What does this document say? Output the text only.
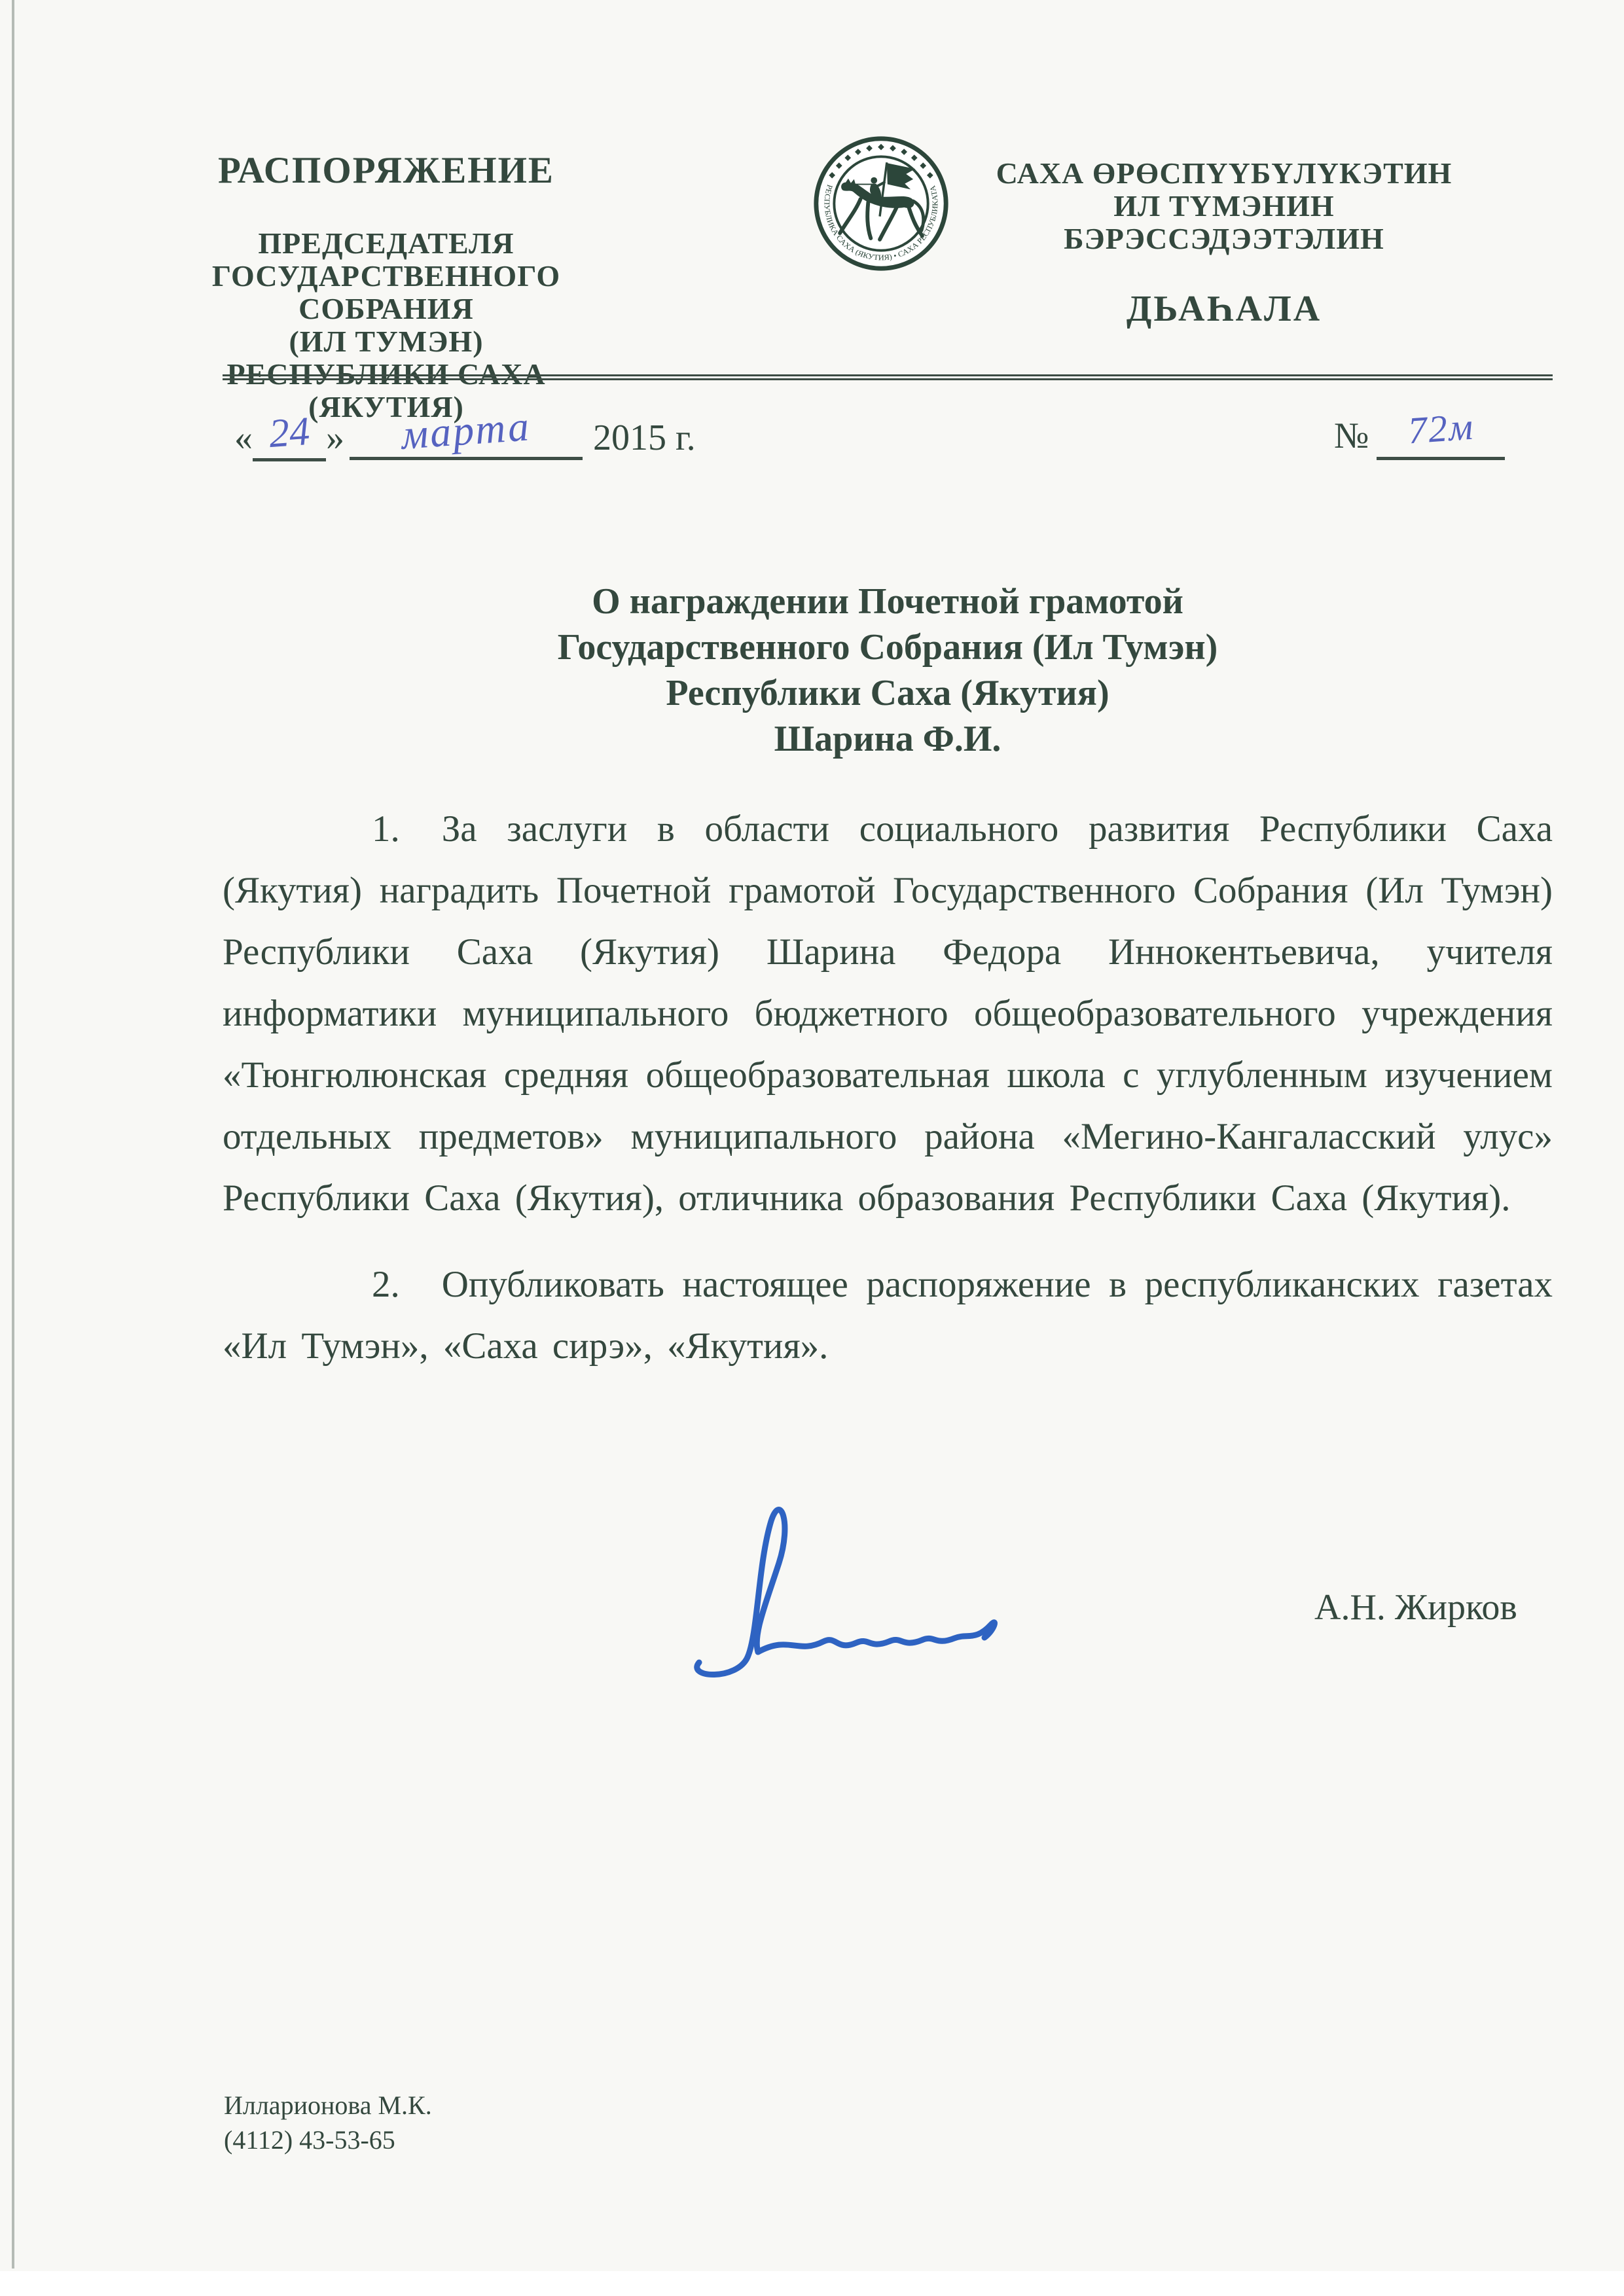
РАСПОРЯЖЕНИЕ
ПРЕДСЕДАТЕЛЯ
ГОСУДАРСТВЕННОГО СОБРАНИЯ
(ИЛ ТУМЭН)
РЕСПУБЛИКИ САХА (ЯКУТИЯ)
РЕСПУБЛИКА САХА (ЯКУТИЯ) • САХА РЕСПУБЛИКАТА	САХА ӨРӨСПҮҮБҮЛҮКЭТИН
ИЛ ТҮМЭНИН
БЭРЭССЭДЭЭТЭЛИН
ДЬАҺАЛА
« 24 » марта 2015 г.	№ 72м
О награждении Почетной грамотой
Государственного Собрания (Ил Тумэн)
Республики Саха (Якутия)
Шарина Ф.И.

1. За заслуги в области социального развития Республики Саха (Якутия) наградить Почетной грамотой Государственного Собрания (Ил Тумэн) Республики Саха (Якутия) Шарина Федора Иннокентьевича, учителя информатики муниципального бюджетного общеобразовательного учреждения «Тюнгюлюнская средняя общеобразовательная школа с углубленным изучением отдельных предметов» муниципального района «Мегино-Кангаласский улус» Республики Саха (Якутия), отличника образования Республики Саха (Якутия).

2. Опубликовать настоящее распоряжение в республиканских газетах «Ил Тумэн», «Саха сирэ», «Якутия».

А.Н. Жирков
Илларионова М.К.
(4112) 43-53-65
